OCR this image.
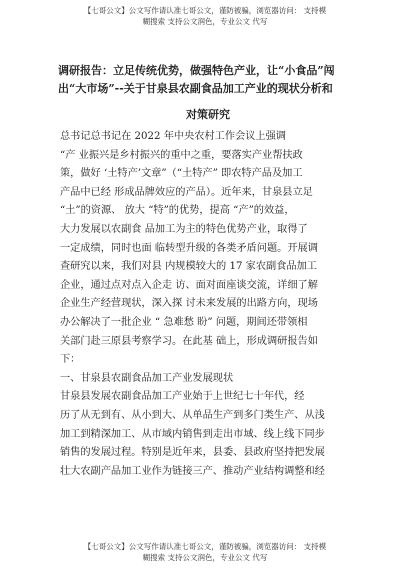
【七哥公文】公文写作请认准七哥公文，谨防被骗，浏览器访问： 支持模
糊搜索 支持公文润色，专业公文 代写
调研报告：立足传统优势，做强特色产业，让“小食品”闯
出“大市场”--关于甘泉县农副食品加工产业的现状分析和
对策研究

总书记总书记在 2022 年中央农村工作会议上强调

“产 业振兴是乡村振兴的重中之重，要落实产业帮扶政

策，做好 ‘土特产’文章”（“土特产” 即农特产品及加工

产品中已经 形成品牌效应的产品）。近年来，甘泉县立足

“土”的资源、 放大 “特”的优势，提高 “产”的效益，

大力发展以农副食 品加工为主的特色优势产业，取得了

一定成绩，同时也面 临转型升级的各类矛盾问题。开展调

查研究以来，我们对县 内规模较大的 17 家农副食品加工

企业，通过点对点入企走 访、面对面座谈交流，详细了解

企业生产经营现状，深入探 讨未来发展的出路方向，现场

办公解决了一批企业 “ 急难愁 盼” 问题，期间还带领相

关部门赴三原县考察学习。在此基 础上，形成调研报告如

下：

一、甘泉县农副食品加工产业发展现状

甘泉县发展农副食品加工产业始于上世纪七十年代，经

历了从无到有、从小到大、从单品生产到多门类生产、从浅

加工到精深加工、从市域内销售到走出市域、线上线下同步

销售的发展过程。特别是近年来，县委、县政府坚持把发展

壮大农副产品加工业作为链接三产、推动产业结构调整和经

【七哥公文】公文写作请认准七哥公文，谨防被骗，浏览器访问： 支持模
糊搜索 支持公文润色，专业公文 代写
